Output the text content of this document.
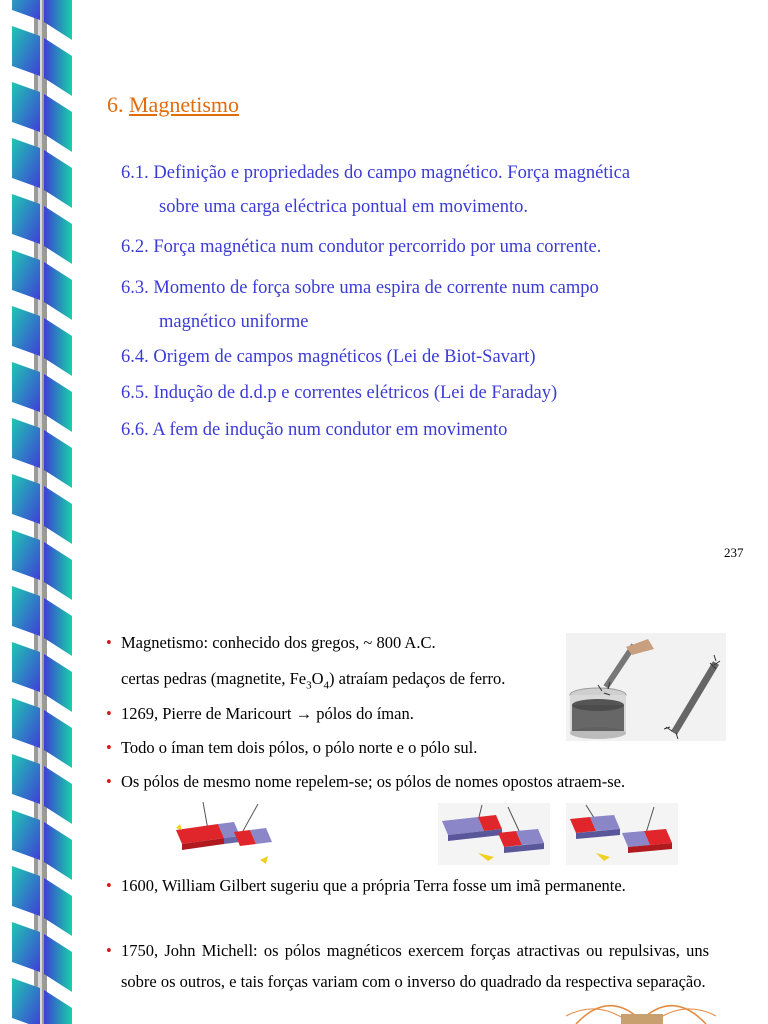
6. Magnetismo
6.1. Definição e propriedades do campo magnético. Força magnética
sobre uma carga eléctrica pontual em movimento.
6.2. Força magnética num condutor percorrido por uma corrente.
6.3. Momento de força sobre uma espira de corrente num campo
magnético uniforme
6.4. Origem de campos magnéticos (Lei de Biot-Savart)
6.5. Indução de d.d.p e correntes elétricos (Lei de Faraday)
6.6. A fem de indução num condutor em movimento
237
• Magnetismo: conhecido dos gregos, ~ 800 A.C.
certas pedras (magnetite, $Fe_3O_4$) atraíam pedaços de ferro.
• 1269, Pierre de Maricourt → pólos do íman.
• Todo o íman tem dois pólos, o pólo norte e o pólo sul.
• Os pólos de mesmo nome repelem-se; os pólos de nomes opostos atraem-se.
• 1600, William Gilbert sugeriu que a própria Terra fosse um imã permanente.
• 1750, John Michell: os pólos magnéticos exercem forças atractivas ou repulsivas, uns sobre os outros, e tais forças variam com o inverso do quadrado da respectiva separação.
